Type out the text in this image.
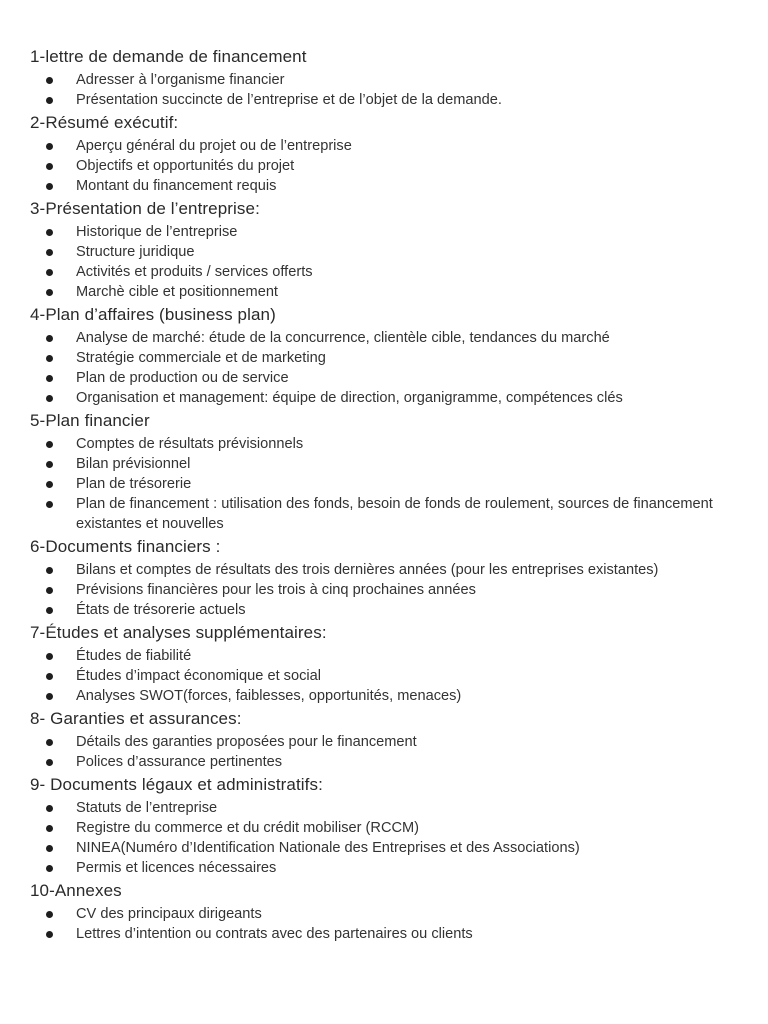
1-lettre de demande de financement
Adresser à l’organisme financier
Présentation succincte de l’entreprise et de l’objet de la demande.
2-Résumé exécutif:
Aperçu général du projet ou de l’entreprise
Objectifs et opportunités du projet
Montant du financement requis
3-Présentation de l’entreprise:
Historique de l’entreprise
Structure juridique
Activités et produits / services offerts
Marchè cible et positionnement
4-Plan d’affaires (business plan)
Analyse de marché: étude de la concurrence, clientèle cible, tendances du marché
Stratégie commerciale et de marketing
Plan de production ou de service
Organisation et management: équipe de direction, organigramme, compétences clés
5-Plan financier
Comptes de résultats prévisionnels
Bilan prévisionnel
Plan de trésorerie
Plan de financement : utilisation des fonds, besoin de fonds de roulement, sources de financement existantes et nouvelles
6-Documents financiers :
Bilans et comptes de résultats des trois dernières années (pour les entreprises existantes)
Prévisions financières pour les trois à cinq prochaines années
États de trésorerie actuels
7-Études et analyses supplémentaires:
Études de fiabilité
Études d’impact économique et social
Analyses SWOT(forces, faiblesses, opportunités, menaces)
8- Garanties et assurances:
Détails des garanties proposées pour le financement
Polices d’assurance pertinentes
9- Documents légaux et administratifs:
Statuts de l’entreprise
Registre du commerce et du crédit mobiliser (RCCM)
NINEA(Numéro d’Identification Nationale des Entreprises et des Associations)
Permis et licences nécessaires
10-Annexes
CV des principaux dirigeants
Lettres d’intention ou contrats avec des partenaires ou clients
